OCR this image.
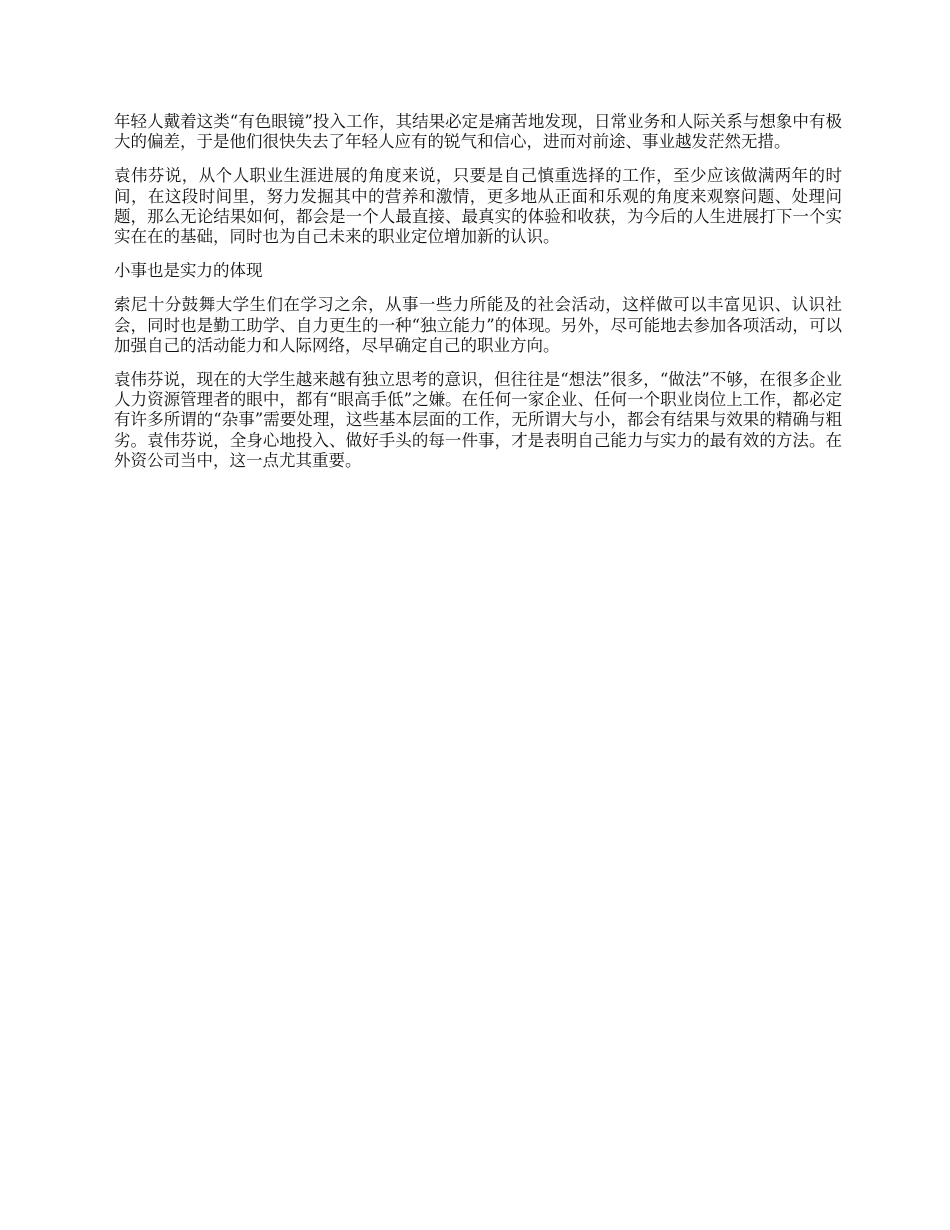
年轻人戴着这类“有色眼镜”投入工作，其结果必定是痛苦地发现，日常业务和人际关系与想象中有极大的偏差，于是他们很快失去了年轻人应有的锐气和信心，进而对前途、事业越发茫然无措。

袁伟芬说，从个人职业生涯进展的角度来说，只要是自己慎重选择的工作，至少应该做满两年的时间，在这段时间里，努力发掘其中的营养和激情，更多地从正面和乐观的角度来观察问题、处理问题，那么无论结果如何，都会是一个人最直接、最真实的体验和收获，为今后的人生进展打下一个实实在在的基础，同时也为自己未来的职业定位增加新的认识。

小事也是实力的体现

索尼十分鼓舞大学生们在学习之余，从事一些力所能及的社会活动，这样做可以丰富见识、认识社会，同时也是勤工助学、自力更生的一种“独立能力”的体现。另外，尽可能地去参加各项活动，可以加强自己的活动能力和人际网络，尽早确定自己的职业方向。

袁伟芬说，现在的大学生越来越有独立思考的意识，但往往是“想法”很多，“做法”不够，在很多企业人力资源管理者的眼中，都有“眼高手低”之嫌。在任何一家企业、任何一个职业岗位上工作，都必定有许多所谓的“杂事”需要处理，这些基本层面的工作，无所谓大与小，都会有结果与效果的精确与粗劣。袁伟芬说，全身心地投入、做好手头的每一件事，才是表明自己能力与实力的最有效的方法。在外资公司当中，这一点尤其重要。
